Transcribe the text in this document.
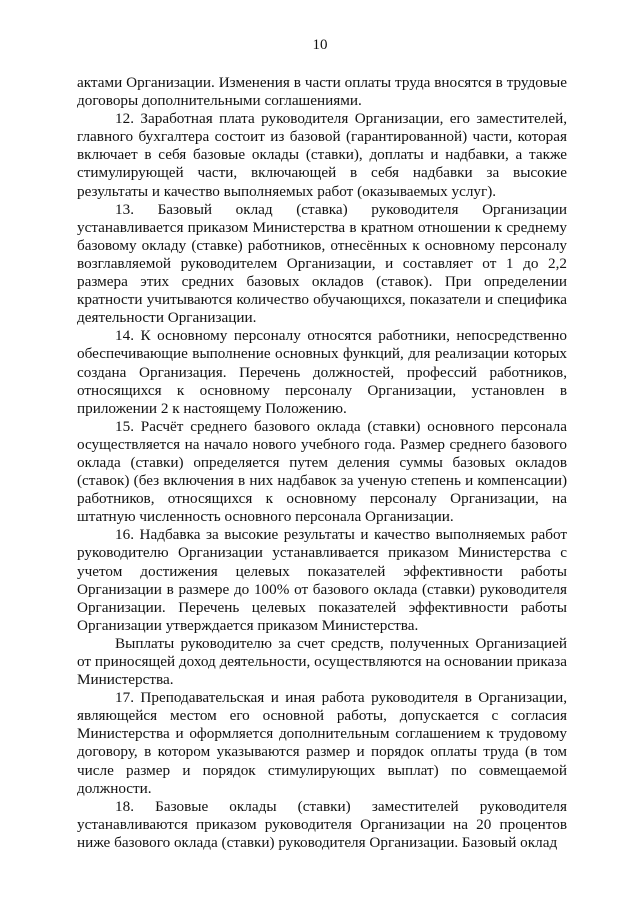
10

актами Организации. Изменения в части оплаты труда вносятся в трудовые договоры дополнительными соглашениями.

12. Заработная плата руководителя Организации, его заместителей, главного бухгалтера состоит из базовой (гарантированной) части, которая включает в себя базовые оклады (ставки), доплаты и надбавки, а также стимулирующей части, включающей в себя надбавки за высокие результаты и качество выполняемых работ (оказываемых услуг).

13. Базовый оклад (ставка) руководителя Организации устанавливается приказом Министерства в кратном отношении к среднему базовому окладу (ставке) работников, отнесённых к основному персоналу возглавляемой руководителем Организации, и составляет от 1 до 2,2 размера этих средних базовых окладов (ставок). При определении кратности учитываются количество обучающихся, показатели и специфика деятельности Организации.

14. К основному персоналу относятся работники, непосредственно обеспечивающие выполнение основных функций, для реализации которых создана Организация. Перечень должностей, профессий работников, относящихся к основному персоналу Организации, установлен в приложении 2 к настоящему Положению.

15. Расчёт среднего базового оклада (ставки) основного персонала осуществляется на начало нового учебного года. Размер среднего базового оклада (ставки) определяется путем деления суммы базовых окладов (ставок) (без включения в них надбавок за ученую степень и компенсации) работников, относящихся к основному персоналу Организации, на штатную численность основного персонала Организации.

16. Надбавка за высокие результаты и качество выполняемых работ руководителю Организации устанавливается приказом Министерства с учетом достижения целевых показателей эффективности работы Организации в размере до 100% от базового оклада (ставки) руководителя Организации. Перечень целевых показателей эффективности работы Организации утверждается приказом Министерства.

Выплаты руководителю за счет средств, полученных Организацией от приносящей доход деятельности, осуществляются на основании приказа Министерства.

17. Преподавательская и иная работа руководителя в Организации, являющейся местом его основной работы, допускается с согласия Министерства и оформляется дополнительным соглашением к трудовому договору, в котором указываются размер и порядок оплаты труда (в том числе размер и порядок стимулирующих выплат) по совмещаемой должности.

18. Базовые оклады (ставки) заместителей руководителя устанавливаются приказом руководителя Организации на 20 процентов ниже базового оклада (ставки) руководителя Организации. Базовый оклад
